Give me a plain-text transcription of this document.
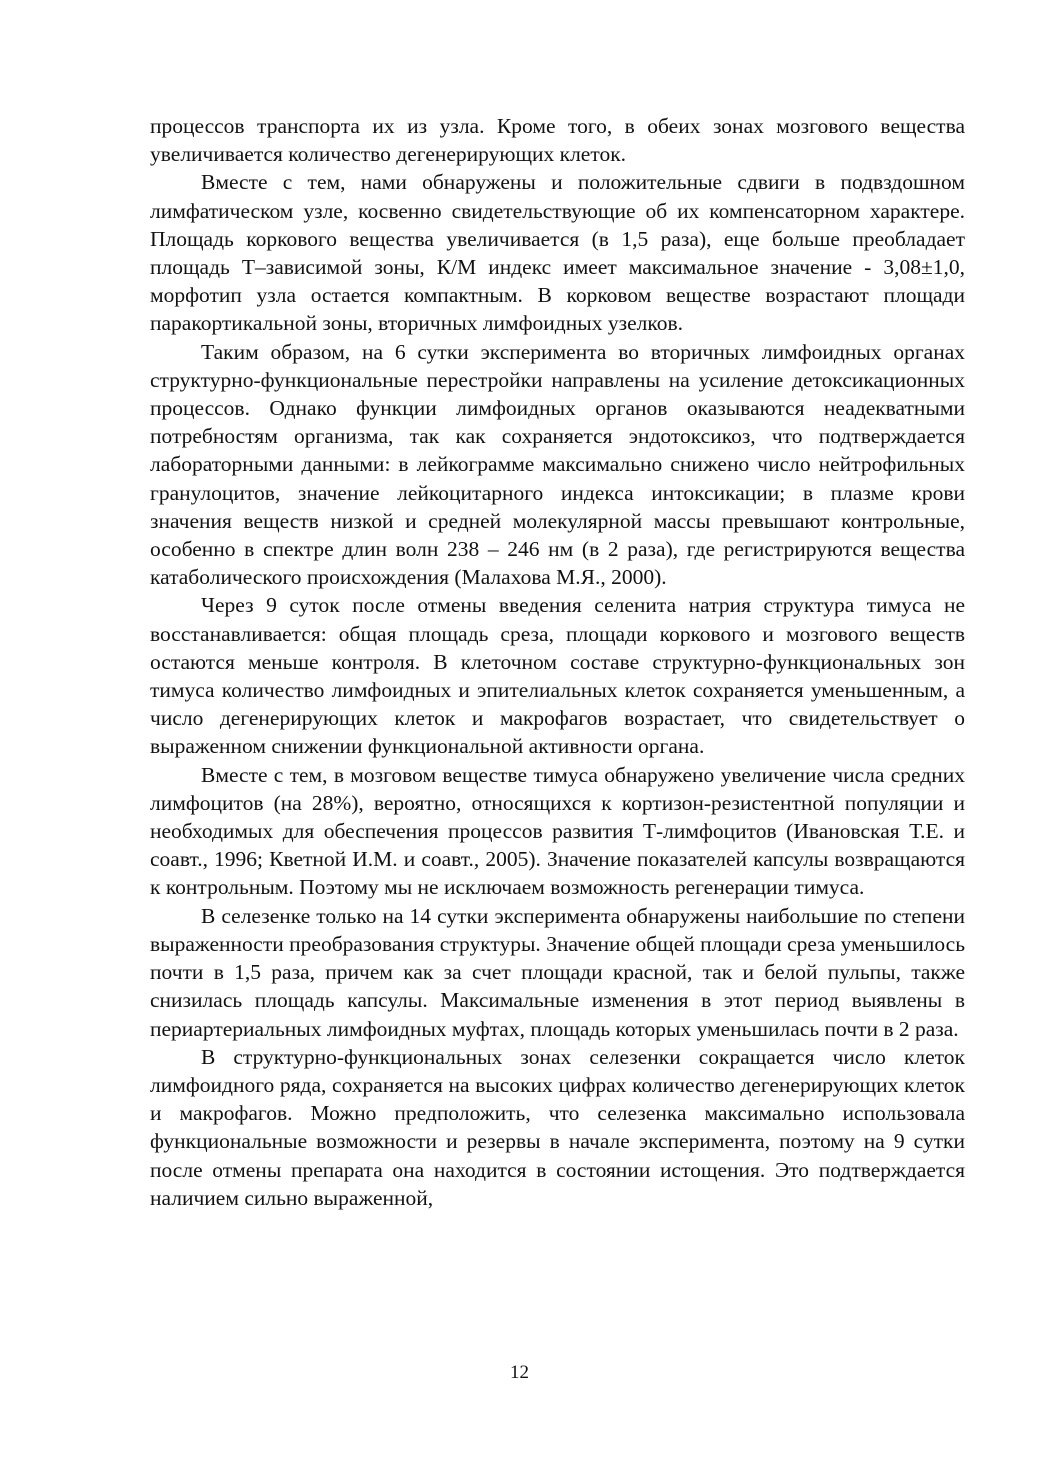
процессов транспорта их из узла. Кроме того, в обеих зонах мозгового вещества увеличивается количество дегенерирующих клеток.

Вместе с тем, нами обнаружены и положительные сдвиги в подвздошном лимфатическом узле, косвенно свидетельствующие об их компенсаторном характере. Площадь коркового вещества увеличивается (в 1,5 раза), еще больше преобладает площадь Т–зависимой зоны, К/М индекс имеет максимальное значение - 3,08±1,0, морфотип узла остается компактным. В корковом веществе возрастают площади паракортикальной зоны, вторичных лимфоидных узелков.

Таким образом, на 6 сутки эксперимента во вторичных лимфоидных органах структурно-функциональные перестройки направлены на усиление детоксикационных процессов. Однако функции лимфоидных органов оказываются неадекватными потребностям организма, так как сохраняется эндотоксикоз, что подтверждается лабораторными данными: в лейкограмме максимально снижено число нейтрофильных гранулоцитов, значение лейкоцитарного индекса интоксикации; в плазме крови значения веществ низкой и средней молекулярной массы превышают контрольные, особенно в спектре длин волн 238 – 246 нм (в 2 раза), где регистрируются вещества катаболического происхождения (Малахова М.Я., 2000).

Через 9 суток после отмены введения селенита натрия структура тимуса не восстанавливается: общая площадь среза, площади коркового и мозгового веществ остаются меньше контроля. В клеточном составе структурно-функциональных зон тимуса количество лимфоидных и эпителиальных клеток сохраняется уменьшенным, а число дегенерирующих клеток и макрофагов возрастает, что свидетельствует о выраженном снижении функциональной активности органа.

Вместе с тем, в мозговом веществе тимуса обнаружено увеличение числа средних лимфоцитов (на 28%), вероятно, относящихся к кортизон-резистентной популяции и необходимых для обеспечения процессов развития Т-лимфоцитов (Ивановская Т.Е. и соавт., 1996; Кветной И.М. и соавт., 2005). Значение показателей капсулы возвращаются к контрольным. Поэтому мы не исключаем возможность регенерации тимуса.

В селезенке только на 14 сутки эксперимента обнаружены наибольшие по степени выраженности преобразования структуры. Значение общей площади среза уменьшилось почти в 1,5 раза, причем как за счет площади красной, так и белой пульпы, также снизилась площадь капсулы. Максимальные изменения в этот период выявлены в периартериальных лимфоидных муфтах, площадь которых уменьшилась почти в 2 раза.

В структурно-функциональных зонах селезенки сокращается число клеток лимфоидного ряда, сохраняется на высоких цифрах количество дегенерирующих клеток и макрофагов. Можно предположить, что селезенка максимально использовала функциональные возможности и резервы в начале эксперимента, поэтому на 9 сутки после отмены препарата она находится в состоянии истощения. Это подтверждается наличием сильно выраженной,

12
